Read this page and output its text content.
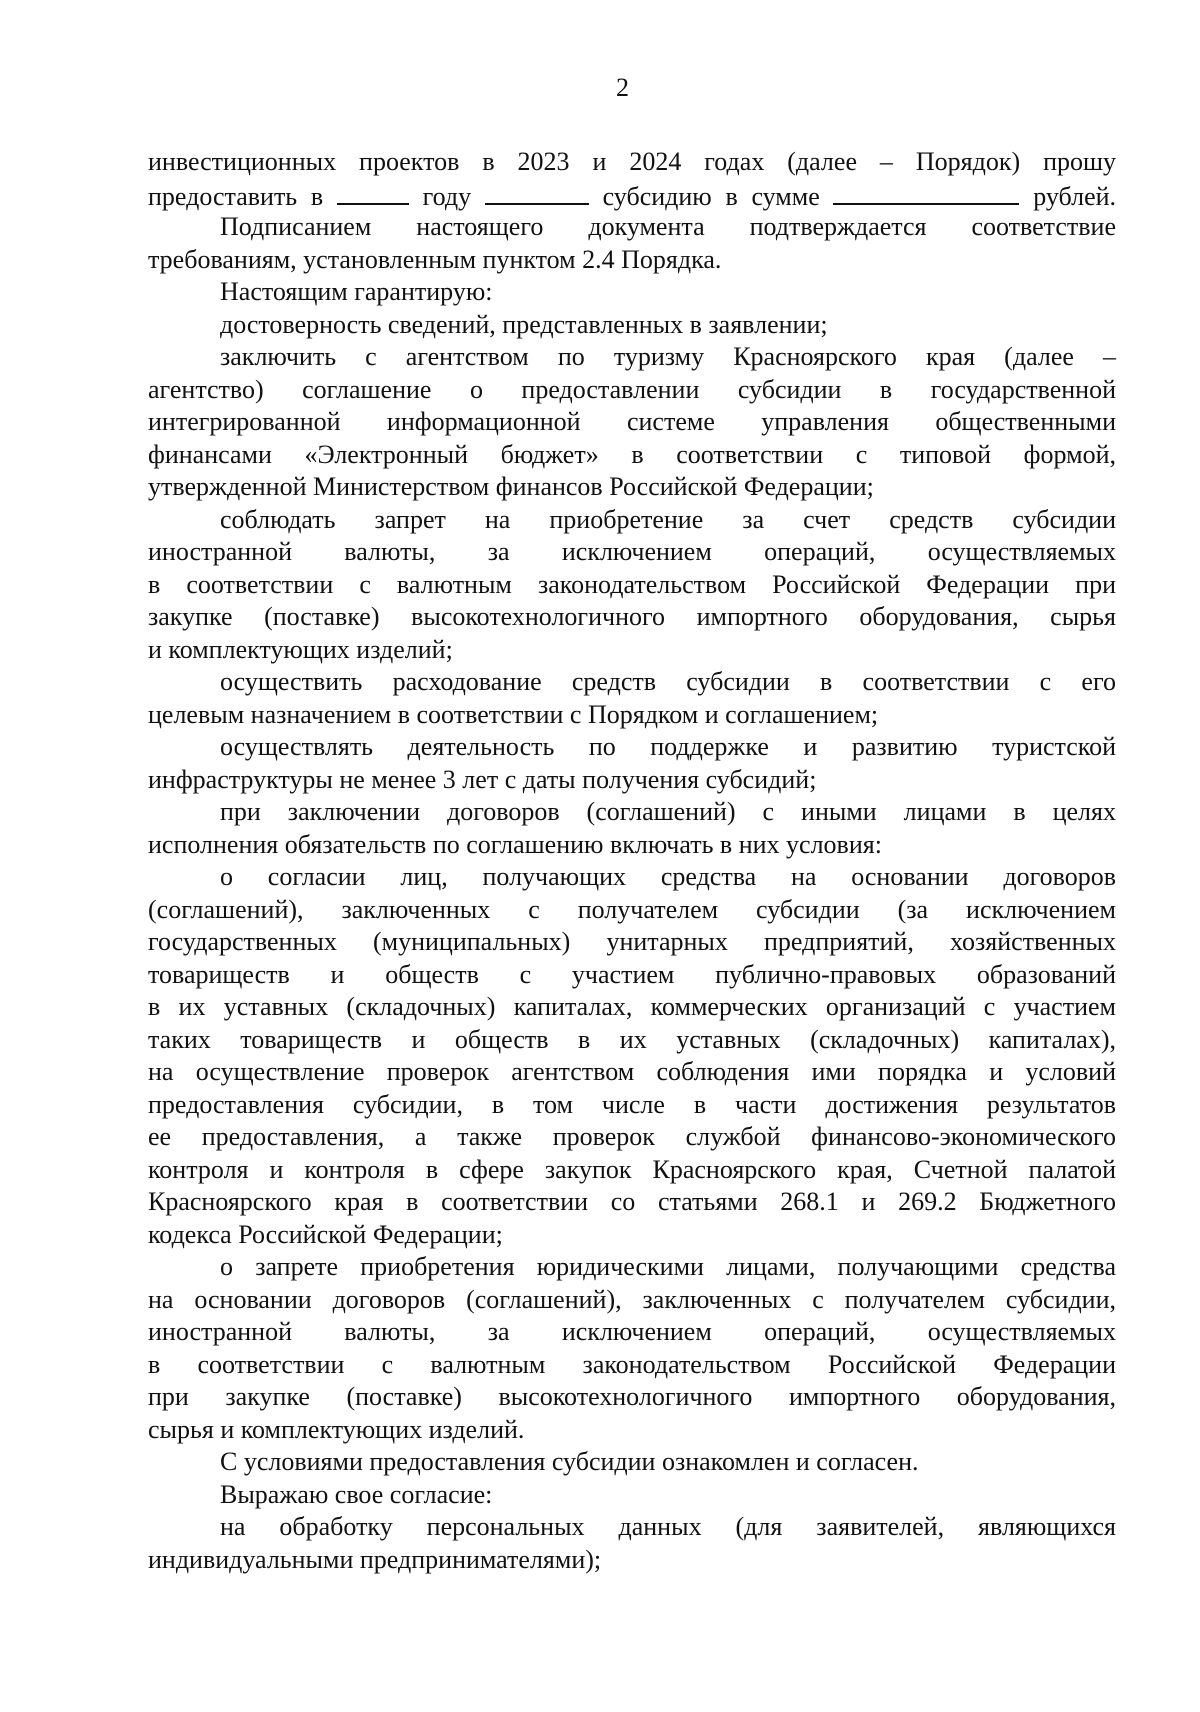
2
инвестиционных проектов в 2023 и 2024 годах (далее – Порядок) прошу
предоставить в	году	субсидию в сумме	рублей.
Подписанием настоящего документа подтверждается соответствие
требованиям, установленным пунктом 2.4 Порядка.
Настоящим гарантирую:
достоверность сведений, представленных в заявлении;
заключить с агентством по туризму Красноярского края (далее –
агентство) соглашение о предоставлении субсидии в государственной
интегрированной информационной системе управления общественными
финансами «Электронный бюджет» в соответствии с типовой формой,
утвержденной Министерством финансов Российской Федерации;
соблюдать запрет на приобретение за счет средств субсидии
иностранной валюты, за исключением операций, осуществляемых
в соответствии с валютным законодательством Российской Федерации при
закупке (поставке) высокотехнологичного импортного оборудования, сырья
и комплектующих изделий;
осуществить расходование средств субсидии в соответствии с его
целевым назначением в соответствии с Порядком и соглашением;
осуществлять деятельность по поддержке и развитию туристской
инфраструктуры не менее 3 лет с даты получения субсидий;
при заключении договоров (соглашений) с иными лицами в целях
исполнения обязательств по соглашению включать в них условия:
о согласии лиц, получающих средства на основании договоров
(соглашений), заключенных с получателем субсидии (за исключением
государственных (муниципальных) унитарных предприятий, хозяйственных
товариществ и обществ с участием публично-правовых образований
в их уставных (складочных) капиталах, коммерческих организаций с участием
таких товариществ и обществ в их уставных (складочных) капиталах),
на осуществление проверок агентством соблюдения ими порядка и условий
предоставления субсидии, в том числе в части достижения результатов
ее предоставления, а также проверок службой финансово-экономического
контроля и контроля в сфере закупок Красноярского края, Счетной палатой
Красноярского края в соответствии со статьями 268.1 и 269.2 Бюджетного
кодекса Российской Федерации;
о запрете приобретения юридическими лицами, получающими средства
на основании договоров (соглашений), заключенных с получателем субсидии,
иностранной валюты, за исключением операций, осуществляемых
в соответствии с валютным законодательством Российской Федерации
при закупке (поставке) высокотехнологичного импортного оборудования,
сырья и комплектующих изделий.
С условиями предоставления субсидии ознакомлен и согласен.
Выражаю свое согласие:
на обработку персональных данных (для заявителей, являющихся
индивидуальными предпринимателями);
